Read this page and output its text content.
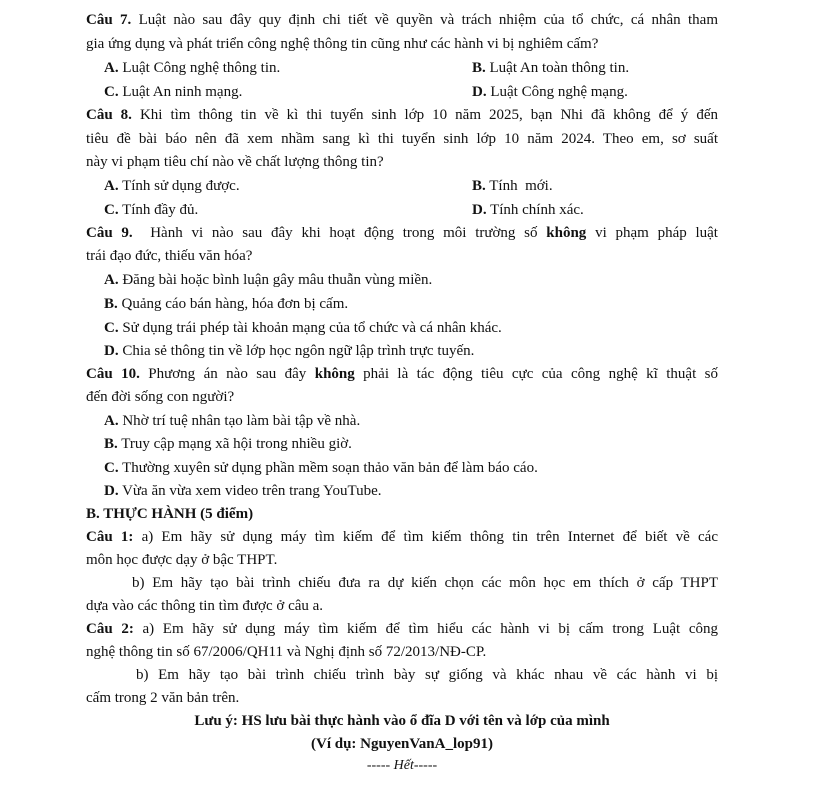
Câu 7. Luật nào sau đây quy định chi tiết về quyền và trách nhiệm của tổ chức, cá nhân tham
gia ứng dụng và phát triển công nghệ thông tin cũng như các hành vi bị nghiêm cấm?
A. Luật Công nghệ thông tin.	B. Luật An toàn thông tin.
C. Luật An ninh mạng.	D. Luật Công nghệ mạng.
Câu 8. Khi tìm thông tin về kì thi tuyển sinh lớp 10 năm 2025, bạn Nhi đã không để ý đến
tiêu đề bài báo nên đã xem nhầm sang kì thi tuyển sinh lớp 10 năm 2024. Theo em, sơ suất
này vi phạm tiêu chí nào về chất lượng thông tin?
A. Tính sử dụng được.	B. Tính  mới.
C. Tính đầy đủ.	D. Tính chính xác.
Câu 9.  Hành vi nào sau đây khi hoạt động trong môi trường số không vi phạm pháp luật
trái đạo đức, thiếu văn hóa?
A. Đăng bài hoặc bình luận gây mâu thuẫn vùng miền.
B. Quảng cáo bán hàng, hóa đơn bị cấm.
C. Sử dụng trái phép tài khoản mạng của tổ chức và cá nhân khác.
D. Chia sẻ thông tin về lớp học ngôn ngữ lập trình trực tuyến.
Câu 10. Phương án nào sau đây không phải là tác động tiêu cực của công nghệ kĩ thuật số
đến đời sống con người?
A. Nhờ trí tuệ nhân tạo làm bài tập về nhà.
B. Truy cập mạng xã hội trong nhiều giờ.
C. Thường xuyên sử dụng phần mềm soạn thảo văn bản để làm báo cáo.
D. Vừa ăn vừa xem video trên trang YouTube.
B. THỰC HÀNH (5 điểm)
Câu 1: a) Em hãy sử dụng máy tìm kiếm để tìm kiếm thông tin trên Internet để biết về các
môn học được dạy ở bậc THPT.
b) Em hãy tạo bài trình chiếu đưa ra dự kiến chọn các môn học em thích ở cấp THPT
dựa vào các thông tin tìm được ở câu a.
Câu 2: a) Em hãy sử dụng máy tìm kiếm để tìm hiểu các hành vi bị cấm trong Luật công
nghệ thông tin số 67/2006/QH11 và Nghị định số 72/2013/NĐ-CP.
b) Em hãy tạo bài trình chiếu trình bày sự giống và khác nhau về các hành vi bị
cấm trong 2 văn bản trên.
Lưu ý: HS lưu bài thực hành vào ổ đĩa D với tên và lớp của mình
(Ví dụ: NguyenVanA_lop91)
----- Hết-----
